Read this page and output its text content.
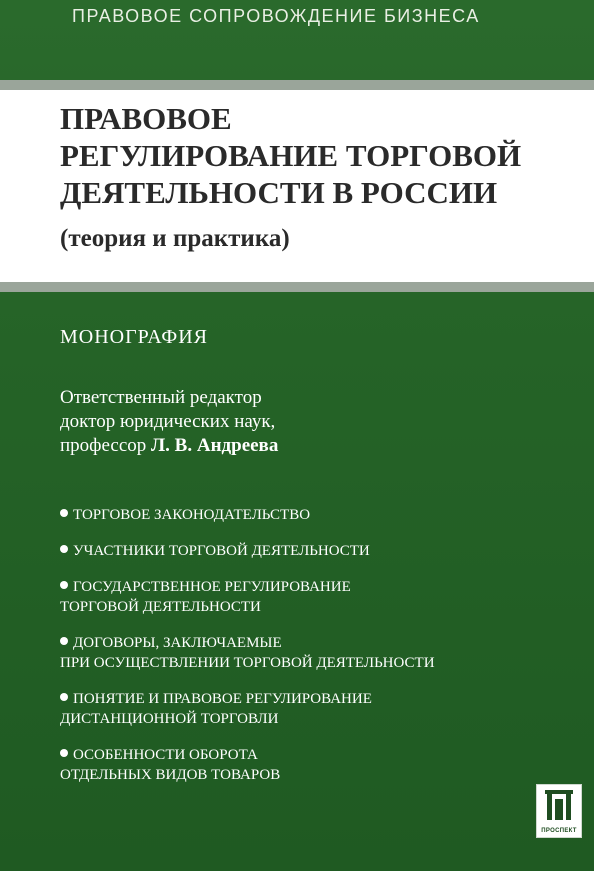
ПРАВОВОЕ СОПРОВОЖДЕНИЕ БИЗНЕСА
ПРАВОВОЕ
РЕГУЛИРОВАНИЕ ТОРГОВОЙ
ДЕЯТЕЛЬНОСТИ В РОССИИ
(теория и практика)
МОНОГРАФИЯ
Ответственный редактор
доктор юридических наук,
профессор Л. В. Андреева
ТОРГОВОЕ ЗАКОНОДАТЕЛЬСТВО
УЧАСТНИКИ ТОРГОВОЙ ДЕЯТЕЛЬНОСТИ
ГОСУДАРСТВЕННОЕ РЕГУЛИРОВАНИЕ
ТОРГОВОЙ ДЕЯТЕЛЬНОСТИ
ДОГОВОРЫ, ЗАКЛЮЧАЕМЫЕ
ПРИ ОСУЩЕСТВЛЕНИИ ТОРГОВОЙ ДЕЯТЕЛЬНОСТИ
ПОНЯТИЕ И ПРАВОВОЕ РЕГУЛИРОВАНИЕ
ДИСТАНЦИОННОЙ ТОРГОВЛИ
ОСОБЕННОСТИ ОБОРОТА
ОТДЕЛЬНЫХ ВИДОВ ТОВАРОВ
ПРОСПЕКТ
